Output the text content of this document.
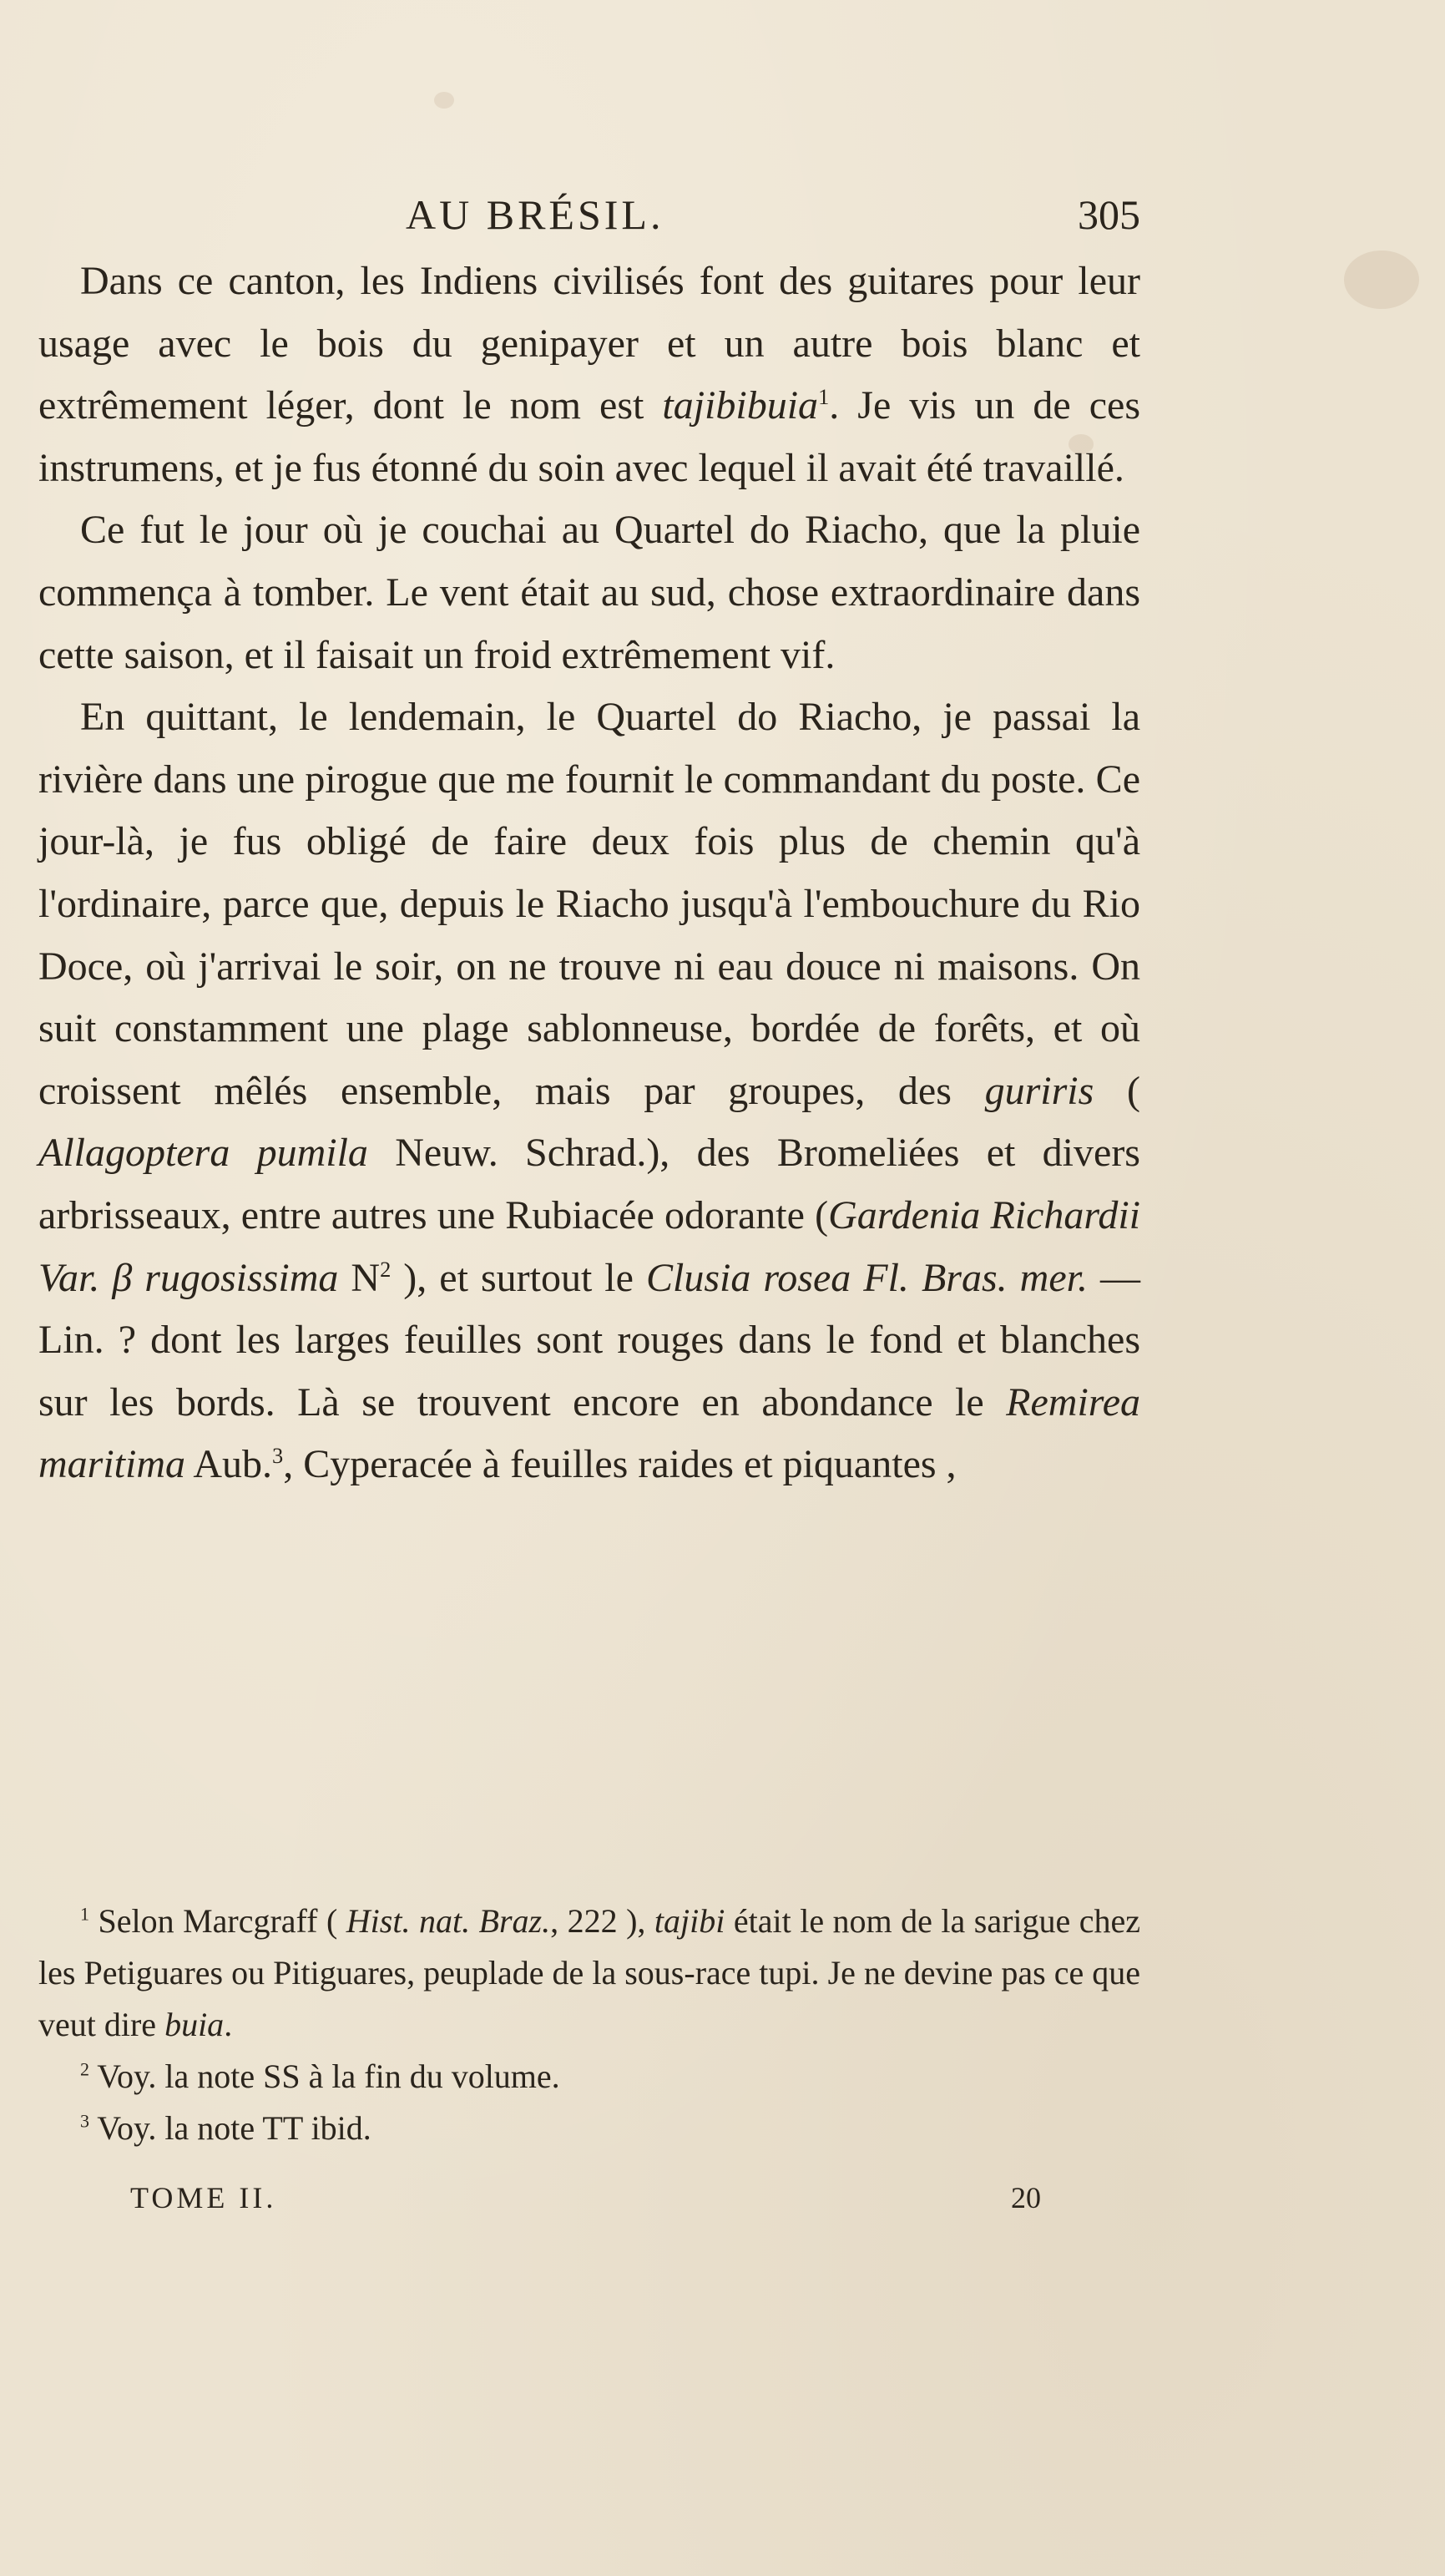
AU BRÉSIL.	305

Dans ce canton, les Indiens civilisés font des guitares pour leur usage avec le bois du genipayer et un autre bois blanc et extrêmement léger, dont le nom est tajibibuia$^1$. Je vis un de ces instrumens, et je fus étonné du soin avec lequel il avait été travaillé.

Ce fut le jour où je couchai au Quartel do Riacho, que la pluie commença à tomber. Le vent était au sud, chose extraordinaire dans cette saison, et il faisait un froid extrêmement vif.

En quittant, le lendemain, le Quartel do Riacho, je passai la rivière dans une pirogue que me fournit le commandant du poste. Ce jour-là, je fus obligé de faire deux fois plus de chemin qu'à l'ordinaire, parce que, depuis le Riacho jusqu'à l'embouchure du Rio Doce, où j'arrivai le soir, on ne trouve ni eau douce ni maisons. On suit constamment une plage sablonneuse, bordée de forêts, et où croissent mêlés ensemble, mais par groupes, des guriris ( Allagoptera pumila Neuw. Schrad.), des Bromeliées et divers arbrisseaux, entre autres une Rubiacée odorante (Gardenia Richardii Var. β rugosissima $N^2$ ), et surtout le Clusia rosea Fl. Bras. mer. — Lin. ? dont les larges feuilles sont rouges dans le fond et blanches sur les bords. Là se trouvent encore en abondance le Remirea maritima Aub.$^3$, Cyperacée à feuilles raides et piquantes ,

$^1$ Selon Marcgraff ( Hist. nat. Braz., 222 ), tajibi était le nom de la sarigue chez les Petiguares ou Pitiguares, peuplade de la sous-race tupi. Je ne devine pas ce que veut dire buia.

$^2$ Voy. la note SS à la fin du volume.

$^3$ Voy. la note TT ibid.

TOME II.	20
